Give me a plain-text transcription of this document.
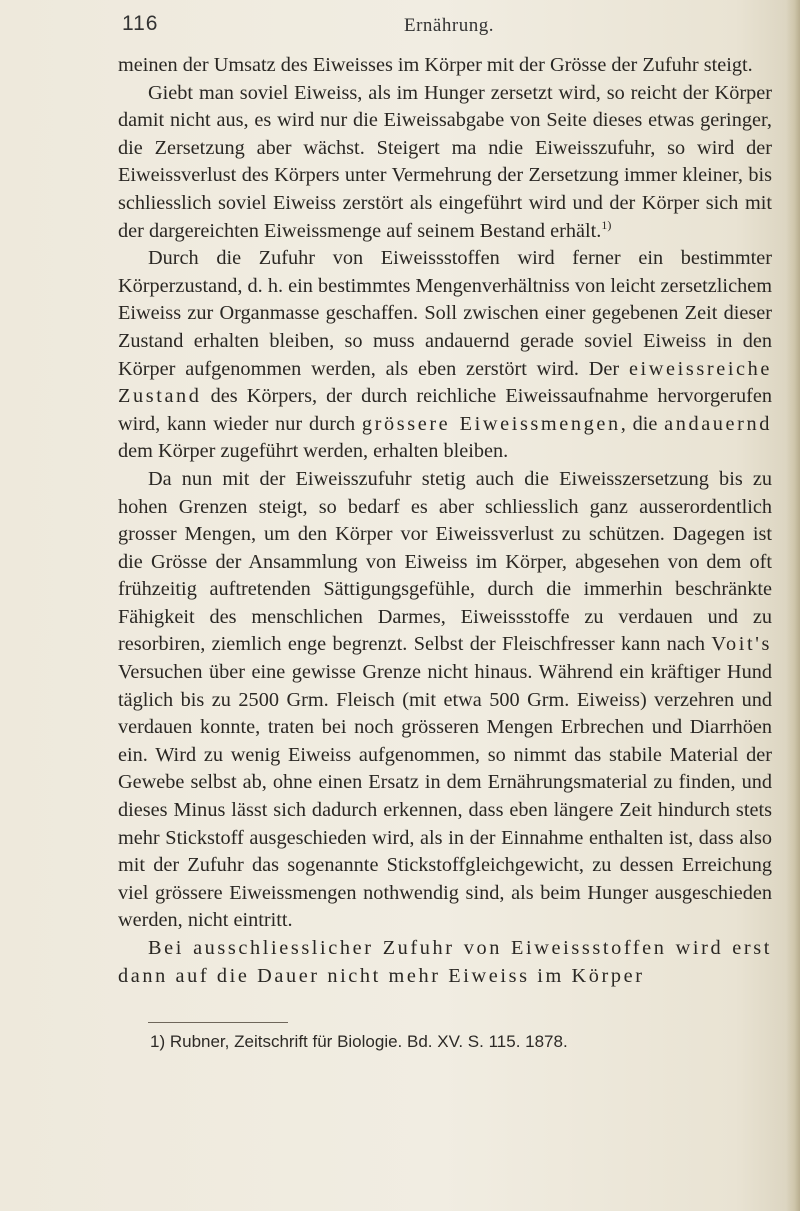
116	Ernährung.

meinen der Umsatz des Eiweisses im Körper mit der Grösse der Zufuhr steigt.

Giebt man soviel Eiweiss, als im Hunger zersetzt wird, so reicht der Körper damit nicht aus, es wird nur die Eiweissabgabe von Seite dieses etwas geringer, die Zersetzung aber wächst. Steigert ma ndie Eiweisszufuhr, so wird der Eiweissverlust des Körpers unter Vermehrung der Zersetzung immer kleiner, bis schliesslich soviel Eiweiss zerstört als eingeführt wird und der Körper sich mit der dargereichten Eiweissmenge auf seinem Bestand erhält.$^{1)}$

Durch die Zufuhr von Eiweissstoffen wird ferner ein bestimmter Körperzustand, d. h. ein bestimmtes Mengenverhältniss von leicht zersetzlichem Eiweiss zur Organmasse geschaffen. Soll zwischen einer gegebenen Zeit dieser Zustand erhalten bleiben, so muss andauernd gerade soviel Eiweiss in den Körper aufgenommen werden, als eben zerstört wird. Der eiweissreiche Zustand des Körpers, der durch reichliche Eiweissaufnahme hervorgerufen wird, kann wieder nur durch grössere Eiweissmengen, die andauernd dem Körper zugeführt werden, erhalten bleiben.

Da nun mit der Eiweisszufuhr stetig auch die Eiweisszersetzung bis zu hohen Grenzen steigt, so bedarf es aber schliesslich ganz ausserordentlich grosser Mengen, um den Körper vor Eiweissverlust zu schützen. Dagegen ist die Grösse der Ansammlung von Eiweiss im Körper, abgesehen von dem oft frühzeitig auftretenden Sättigungsgefühle, durch die immerhin beschränkte Fähigkeit des menschlichen Darmes, Eiweissstoffe zu verdauen und zu resorbiren, ziemlich enge begrenzt. Selbst der Fleischfresser kann nach Voit's Versuchen über eine gewisse Grenze nicht hinaus. Während ein kräftiger Hund täglich bis zu 2500 Grm. Fleisch (mit etwa 500 Grm. Eiweiss) verzehren und verdauen konnte, traten bei noch grösseren Mengen Erbrechen und Diarrhöen ein. Wird zu wenig Eiweiss aufgenommen, so nimmt das stabile Material der Gewebe selbst ab, ohne einen Ersatz in dem Ernährungsmaterial zu finden, und dieses Minus lässt sich dadurch erkennen, dass eben längere Zeit hindurch stets mehr Stickstoff ausgeschieden wird, als in der Einnahme enthalten ist, dass also mit der Zufuhr das sogenannte Stickstoffgleichgewicht, zu dessen Erreichung viel grössere Eiweissmengen nothwendig sind, als beim Hunger ausgeschieden werden, nicht eintritt.

Bei ausschliesslicher Zufuhr von Eiweissstoffen wird erst dann auf die Dauer nicht mehr Eiweiss im Körper

1) Rubner, Zeitschrift für Biologie. Bd. XV. S. 115. 1878.
